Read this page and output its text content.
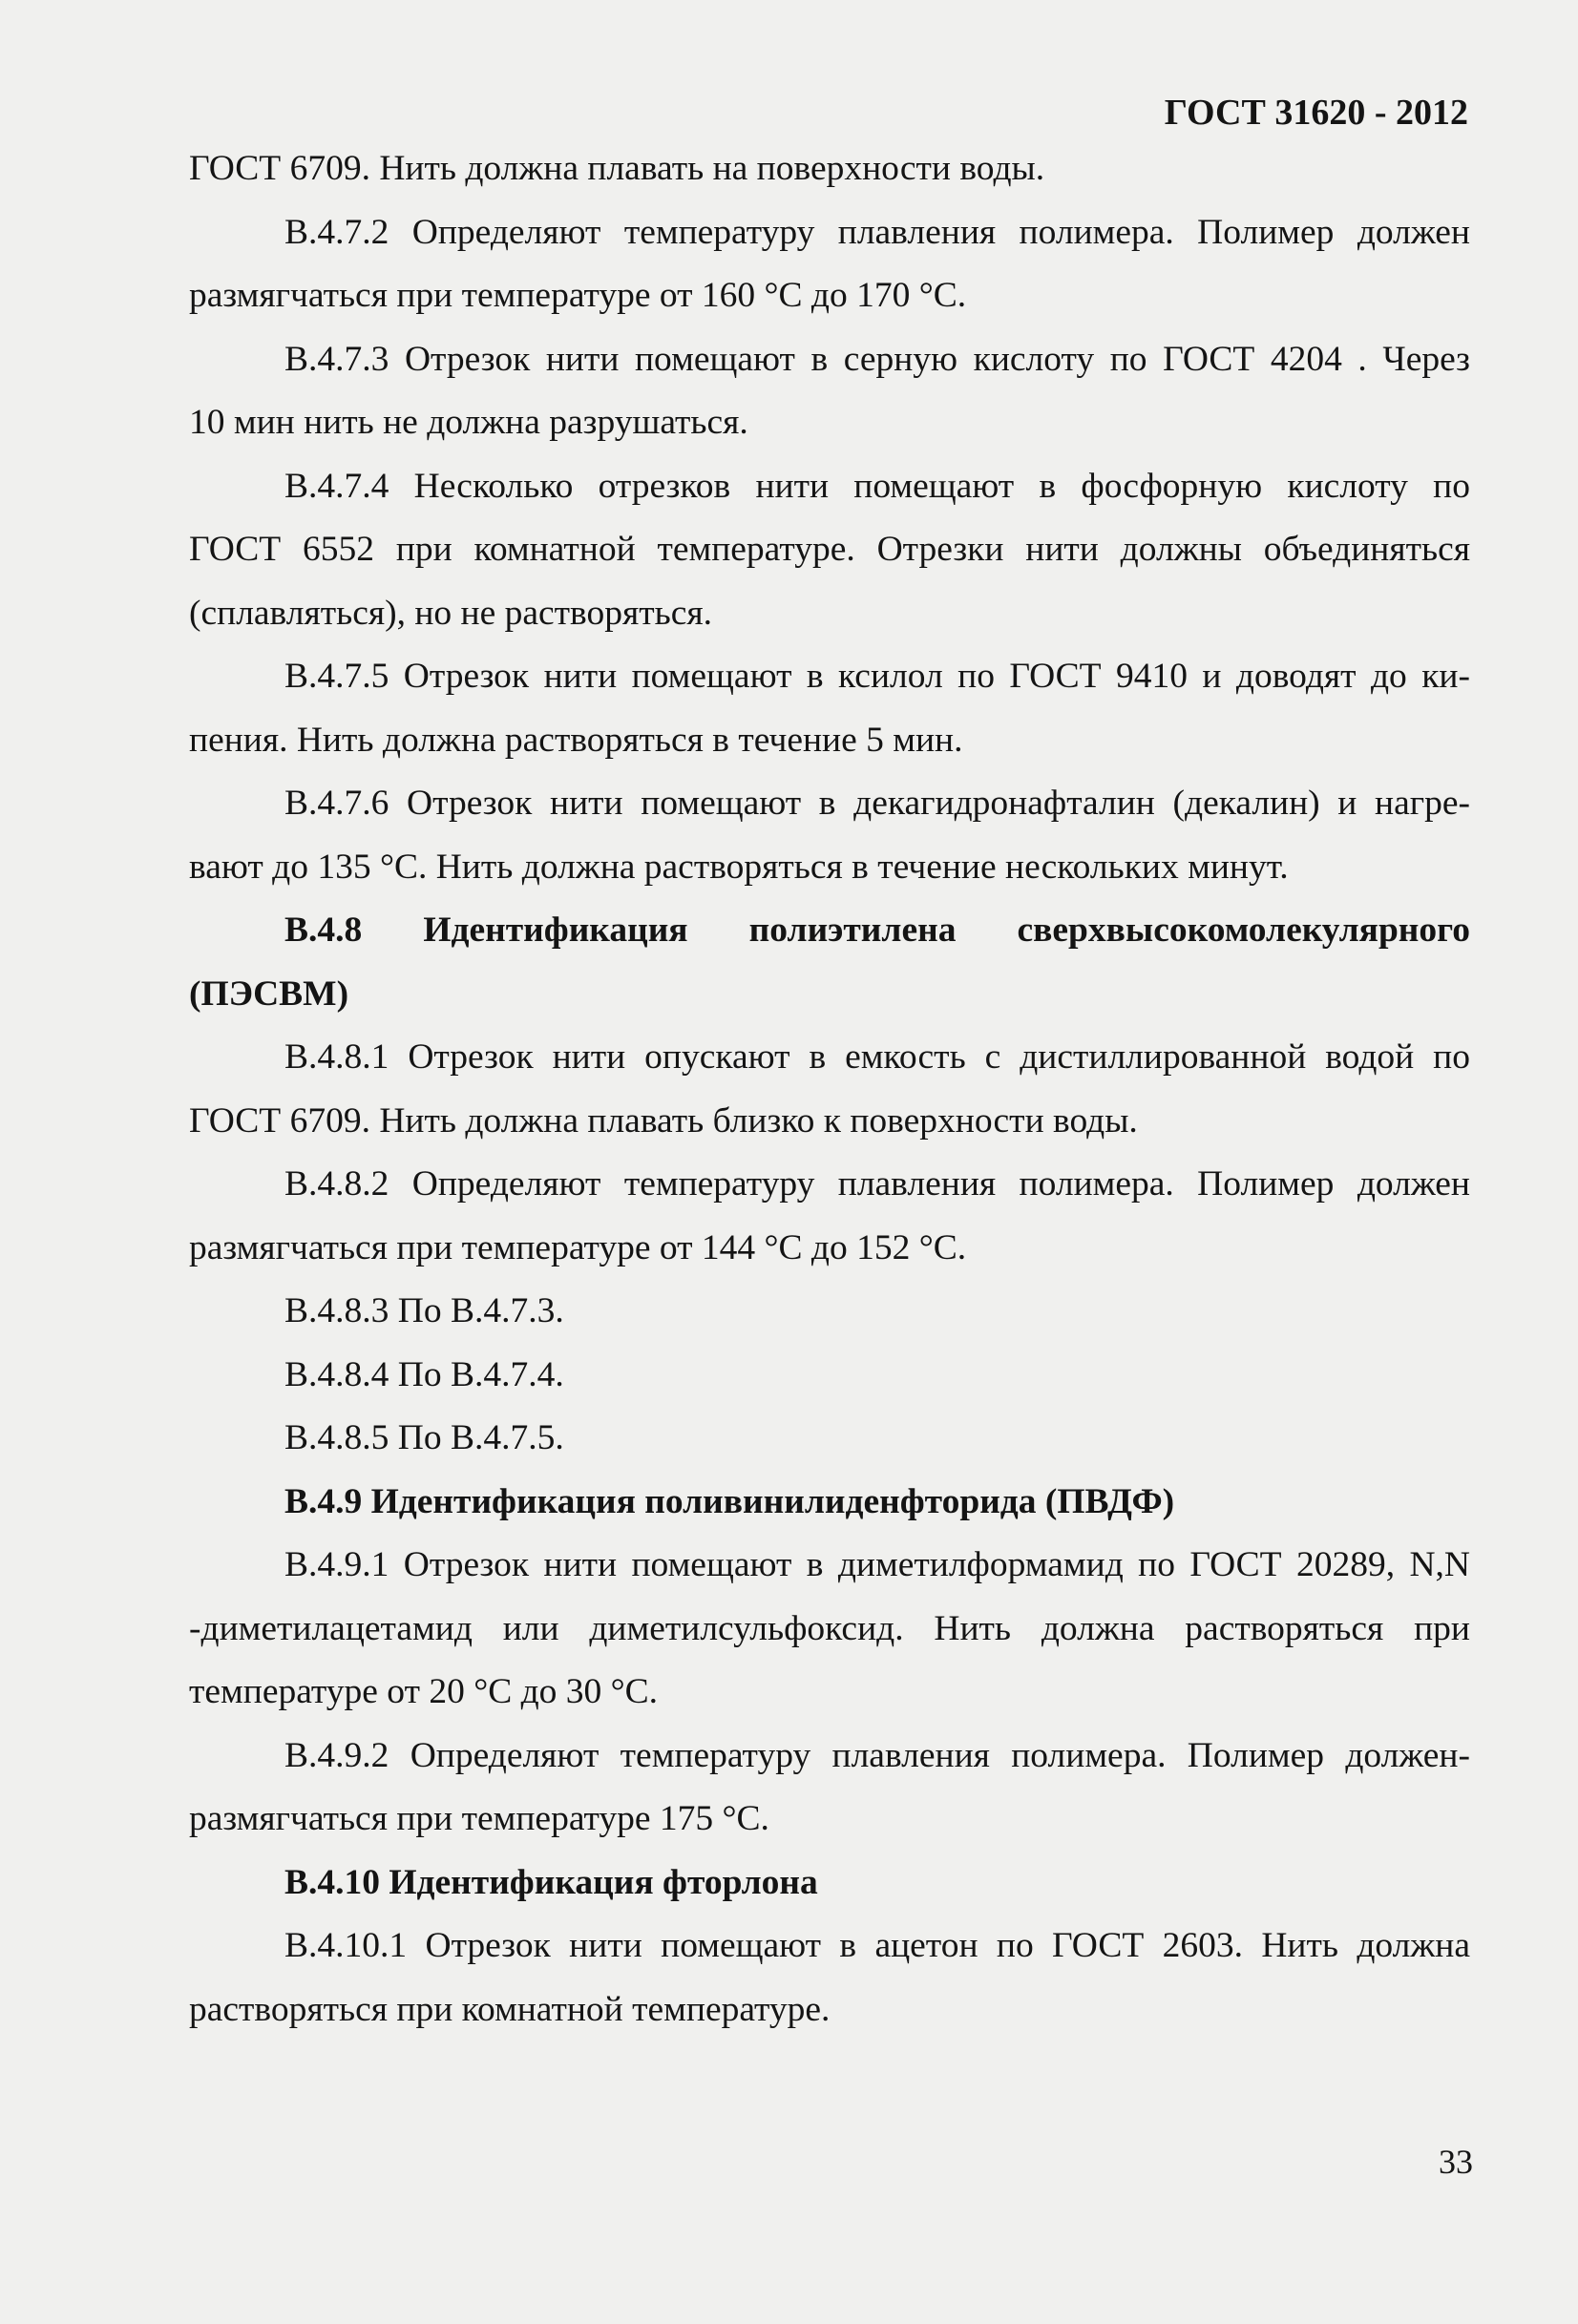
ГОСТ 31620 - 2012
ГОСТ 6709. Нить должна плавать на поверхности воды.
В.4.7.2 Определяют температуру плавления полимера. Полимер должен
размягчаться при температуре от 160 °С до 170 °С.
В.4.7.3 Отрезок нити помещают в серную кислоту по ГОСТ 4204 . Через
10 мин нить не должна разрушаться.
В.4.7.4 Несколько отрезков нити помещают в фосфорную кислоту по
ГОСТ 6552 при комнатной температуре. Отрезки нити должны объединяться
(сплавляться), но не растворяться.
В.4.7.5 Отрезок нити помещают в ксилол по ГОСТ 9410 и доводят до ки-
пения. Нить должна растворяться в течение 5 мин.
В.4.7.6 Отрезок нити помещают в декагидронафталин (декалин) и нагре-
вают до 135 °С. Нить должна растворяться в течение нескольких минут.
В.4.8 Идентификация полиэтилена сверхвысокомолекулярного
(ПЭСВМ)
В.4.8.1 Отрезок нити опускают в емкость с дистиллированной водой по
ГОСТ 6709. Нить должна плавать близко к поверхности воды.
В.4.8.2 Определяют температуру плавления полимера. Полимер должен
размягчаться при температуре от 144 °С до 152 °С.
В.4.8.3 По В.4.7.3.
В.4.8.4 По В.4.7.4.
В.4.8.5 По В.4.7.5.
В.4.9 Идентификация поливинилиденфторида (ПВДФ)
В.4.9.1 Отрезок нити помещают в диметилформамид по ГОСТ 20289, N,N
-диметилацетамид или диметилсульфоксид. Нить должна растворяться при
температуре от 20 °С до 30 °С.
В.4.9.2 Определяют температуру плавления полимера. Полимер должен-
размягчаться при температуре 175 °С.
В.4.10 Идентификация фторлона
В.4.10.1 Отрезок нити помещают в ацетон по ГОСТ 2603. Нить должна
растворяться при комнатной температуре.
33
